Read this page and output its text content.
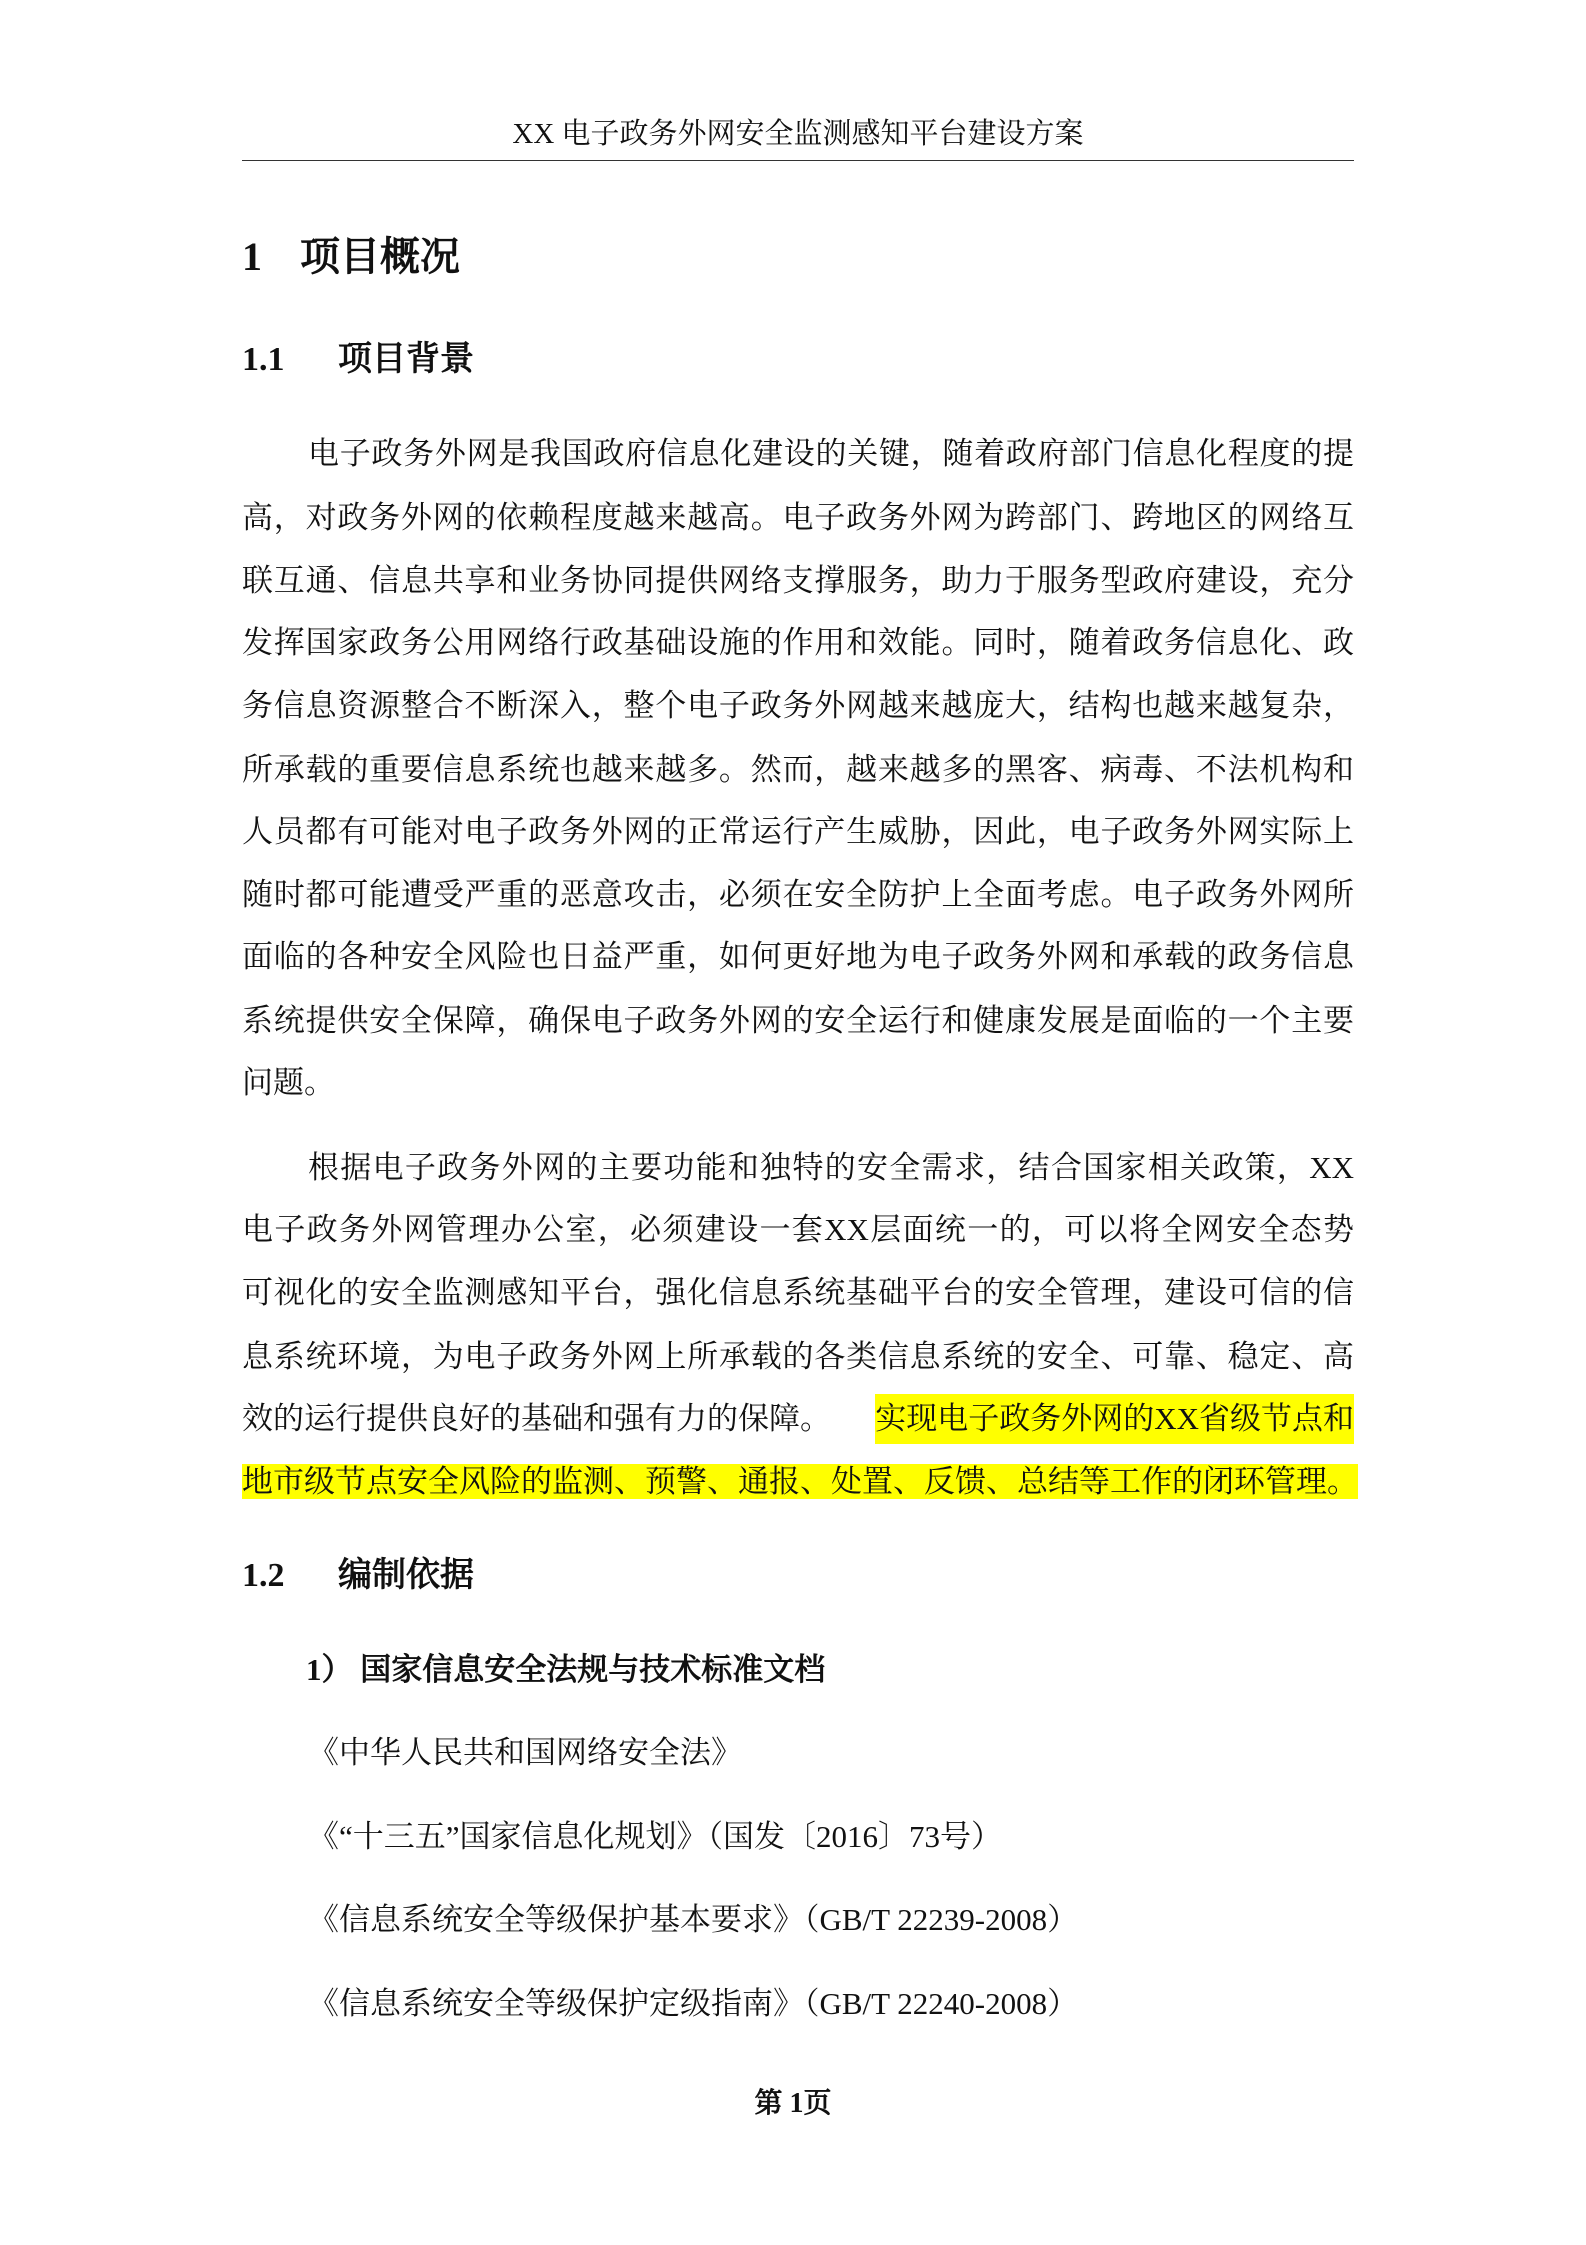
XX 电子政务外网安全监测感知平台建设方案
1 项目概况
1.1 项目背景
电子政务外网是我国政府信息化建设的关键，随着政府部门信息化程度的提
高，对政务外网的依赖程度越来越高。电子政务外网为跨部门、跨地区的网络互
联互通、信息共享和业务协同提供网络支撑服务，助力于服务型政府建设，充分
发挥国家政务公用网络行政基础设施的作用和效能。同时，随着政务信息化、政
务信息资源整合不断深入，整个电子政务外网越来越庞大，结构也越来越复杂，
所承载的重要信息系统也越来越多。然而，越来越多的黑客、病毒、不法机构和
人员都有可能对电子政务外网的正常运行产生威胁，因此，电子政务外网实际上
随时都可能遭受严重的恶意攻击，必须在安全防护上全面考虑。电子政务外网所
面临的各种安全风险也日益严重，如何更好地为电子政务外网和承载的政务信息
系统提供安全保障，确保电子政务外网的安全运行和健康发展是面临的一个主要
问题。
根据电子政务外网的主要功能和独特的安全需求，结合国家相关政策，XX
电子政务外网管理办公室，必须建设一套XX层面统一的，可以将全网安全态势
可视化的安全监测感知平台，强化信息系统基础平台的安全管理，建设可信的信
息系统环境，为电子政务外网上所承载的各类信息系统的安全、可靠、稳定、高
效的运行提供良好的基础和强有力的保障。 实现电子政务外网的XX省级节点和
地市级节点安全风险的监测、预警、通报、处置、反馈、总结等工作的闭环管理。
1.2 编制依据
1） 国家信息安全法规与技术标准文档
《中华人民共和国网络安全法》
《“十三五”国家信息化规划》（国发〔2016〕73号）
《信息系统安全等级保护基本要求》（GB/T 22239-2008）
《信息系统安全等级保护定级指南》（GB/T 22240-2008）
第 1页
